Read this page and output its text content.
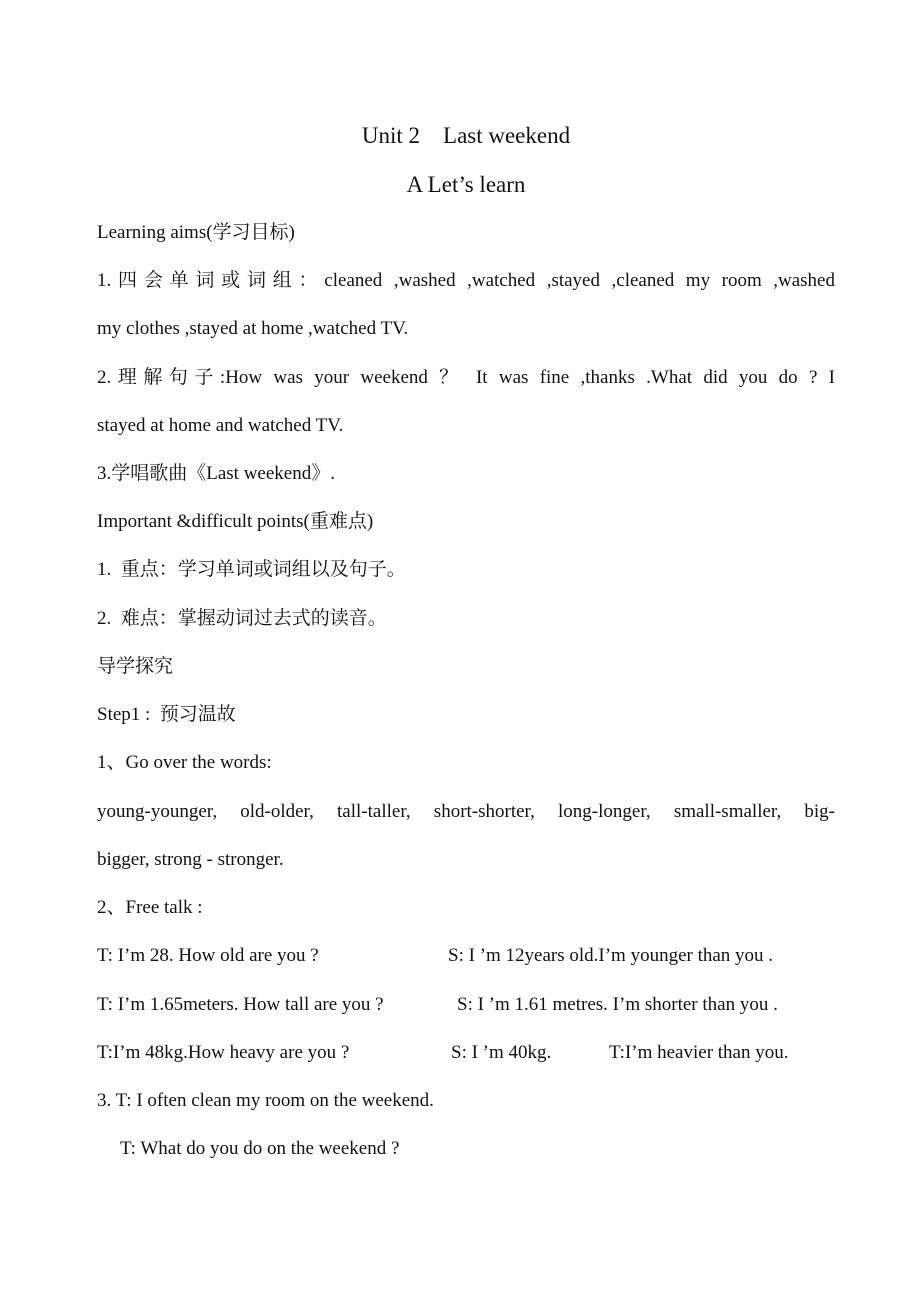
Unit 2    Last weekend
A Let’s learn
Learning aims(学习目标)
1.四会单词或词组：cleaned ,washed ,watched ,stayed ,cleaned my room ,washed
my clothes ,stayed at home ,watched TV.
2.理解句子:How was your weekend ？ It was fine ,thanks .What did you do ? I
stayed at home and watched TV.
3.学唱歌曲《Last weekend》.
Important &difficult points(重难点)
1.  重点：学习单词或词组以及句子。
2.  难点：掌握动词过去式的读音。
导学探究
Step1 :  预习温故
1、Go over the words:
young-younger, old-older, tall-taller, short-shorter, long-longer, small-smaller, big-
bigger, strong - stronger.
2、Free talk :
T: I’m 28. How old are you ?	S: I ’m 12years old.I’m younger than you .
T: I’m 1.65meters. How tall are you ?	S: I ’m 1.61 metres. I’m shorter than you .
T:I’m 48kg.How heavy are you ?	S: I ’m 40kg.	T:I’m heavier than you.
3. T: I often clean my room on the weekend.
T: What do you do on the weekend ?
